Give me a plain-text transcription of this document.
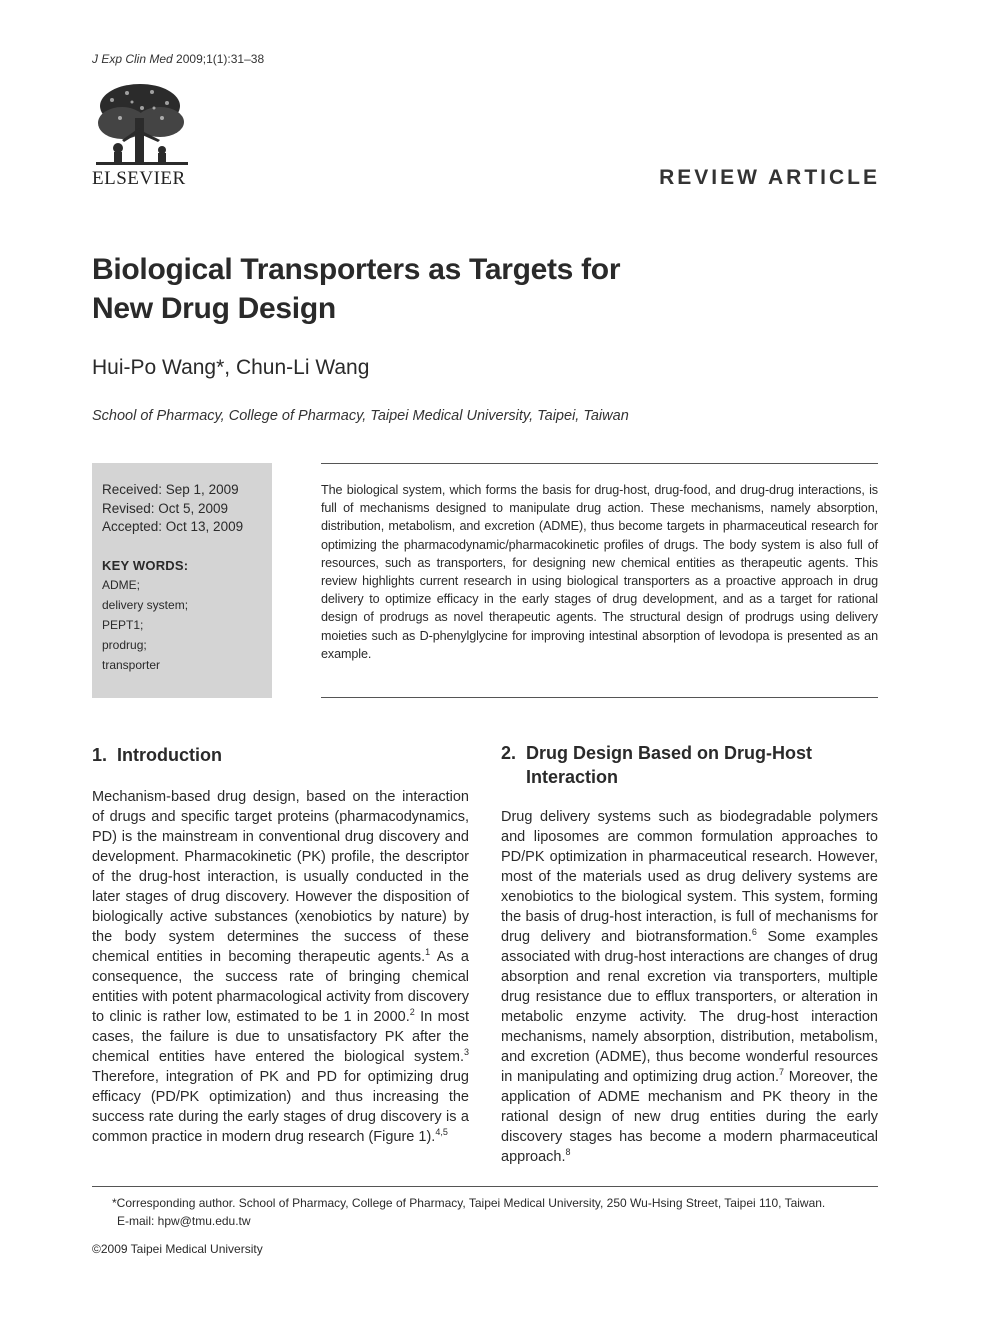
J Exp Clin Med 2009;1(1):31–38
ELSEVIER	REVIEW ARTICLE
Biological Transporters as Targets for
New Drug Design
Hui-Po Wang*, Chun-Li Wang
School of Pharmacy, College of Pharmacy, Taipei Medical University, Taipei, Taiwan
Received: Sep 1, 2009
Revised: Oct 5, 2009
Accepted: Oct 13, 2009
KEY WORDS:
ADME;
delivery system;
PEPT1;
prodrug;
transporter
The biological system, which forms the basis for drug-host, drug-food, and drug-drug interactions, is full of mechanisms designed to manipulate drug action. These mechanisms, namely absorption, distribution, metabolism, and excretion (ADME), thus become targets in pharmaceutical research for optimizing the pharmacodynamic/pharmacokinetic profiles of drugs. The body system is also full of resources, such as transporters, for designing new chemical entities as therapeutic agents. This review highlights current research in using biological transporters as a proactive approach in drug delivery to optimize efficacy in the early stages of drug development, and as a target for rational design of prodrugs as novel therapeutic agents. The structural design of prodrugs using delivery moieties such as D-phenylglycine for improving intestinal absorption of levodopa is presented as an example.
1. Introduction
Mechanism-based drug design, based on the interaction of drugs and specific target proteins (pharmacodynamics, PD) is the mainstream in conventional drug discovery and development. Pharmacokinetic (PK) profile, the descriptor of the drug-host interaction, is usually conducted in the later stages of drug discovery. However the disposition of biologically active substances (xenobiotics by nature) by the body system determines the success of these chemical entities in becoming therapeutic agents.$^1$ As a consequence, the success rate of bringing chemical entities with potent pharmacological activity from discovery to clinic is rather low, estimated to be 1 in 2000.$^2$ In most cases, the failure is due to unsatisfactory PK after the chemical entities have entered the biological system.$^3$ Therefore, integration of PK and PD for optimizing drug efficacy (PD/PK optimization) and thus increasing the success rate during the early stages of drug discovery is a common practice in modern drug research (Figure 1).$^{4,5}$
2. Drug Design Based on Drug-Host
Interaction
Drug delivery systems such as biodegradable polymers and liposomes are common formulation approaches to PD/PK optimization in pharmaceutical research. However, most of the materials used as drug delivery systems are xenobiotics to the biological system. This system, forming the basis of drug-host interaction, is full of mechanisms for drug delivery and biotransformation.$^6$ Some examples associated with drug-host interactions are changes of drug absorption and renal excretion via transporters, multiple drug resistance due to efflux transporters, or alteration in metabolic enzyme activity. The drug-host interaction mechanisms, namely absorption, distribution, metabolism, and excretion (ADME), thus become wonderful resources in manipulating and optimizing drug action.$^7$ Moreover, the application of ADME mechanism and PK theory in the rational design of new drug entities during the early discovery stages has become a modern pharmaceutical approach.$^8$
*Corresponding author. School of Pharmacy, College of Pharmacy, Taipei Medical University, 250 Wu-Hsing Street, Taipei 110, Taiwan.
E-mail: hpw@tmu.edu.tw
©2009 Taipei Medical University
